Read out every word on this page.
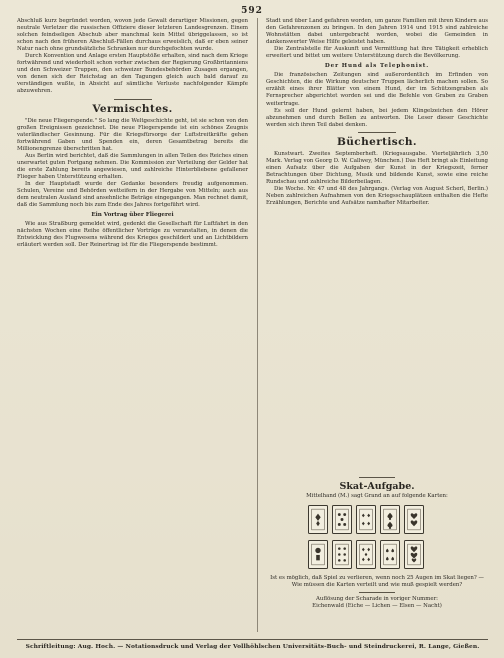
592

Abschluß kurz begründet worden, wovon jede Gewalt derartiger Missionen, gegen neutrale Verletzer die russischen Offiziere dieser letzteren Landesgrenzen. Einem solchen feindseligen Abschub aber manchmal kein Mittel übriggelassen, so ist schon nach den früheren Abschluß-Fällen durchaus erweislich, daß er eben seiner Natur nach ohne grundsätzliche Schranken nur durchgefochten wurde.

Durch Konvention und Anlage ersten Hauptstöße erhalten, sind nach dem Kriege fortwährend und wiederholt schon vorher zwischen der Regierung Großbritanniens und den Schweizer Truppen, den schweizer Bundesbehörden Zusagen ergangen, von denen sich der Reichstag an den Tagungen gleich auch bald darauf zu verständigen wußte, in Absicht auf sämtliche Verluste nachfolgender Kämpfe abzuwehren.

Vermischtes.

"Die neue Fliegerspende." So lang die Weltgeschichte geht, ist sie schon von den großen Ereignissen gezeichnet. Die neue Fliegerspende ist ein schönes Zeugnis vaterländischer Gesinnung. Für die Kriegsfürsorge der Luftstreitkräfte gehen fortwährend Gaben und Spenden ein, deren Gesamtbetrag bereits die Millionengrenze überschritten hat.

Aus Berlin wird berichtet, daß die Sammlungen in allen Teilen des Reiches einen unerwartet guten Fortgang nehmen. Die Kommission zur Verteilung der Gelder hat die erste Zahlung bereits angewiesen, und zahlreiche Hinterbliebene gefallener Flieger haben Unterstützung erhalten.

In der Hauptstadt wurde der Gedanke besonders freudig aufgenommen. Schulen, Vereine und Behörden wetteifern in der Hergabe von Mitteln; auch aus dem neutralen Ausland sind ansehnliche Beträge eingegangen. Man rechnet damit, daß die Sammlung noch bis zum Ende des Jahres fortgeführt wird.

Ein Vortrag über Fliegerei

Wie aus Straßburg gemeldet wird, gedenkt die Gesellschaft für Luftfahrt in den nächsten Wochen eine Reihe öffentlicher Vorträge zu veranstalten, in denen die Entwicklung des Flugwesens während des Krieges geschildert und an Lichtbildern erläutert werden soll. Der Reinertrag ist für die Fliegerspende bestimmt.

Stadt und über Land gefahren worden, um ganze Familien mit ihren Kindern aus den Gefahrenzonen zu bringen. In den Jahren 1914 und 1915 sind zahlreiche Wohnstätten dabei untergebracht worden, wobei die Gemeinden in dankenswerter Weise Hilfe geleistet haben.

Die Zentralstelle für Auskunft und Vermittlung hat ihre Tätigkeit erheblich erweitert und bittet um weitere Unterstützung durch die Bevölkerung.

Der Hund als Telephonist.

Die französischen Zeitungen sind außerordentlich im Erfinden von Geschichten, die die Wirkung deutscher Truppen lächerlich machen sollen. So erzählt eines ihrer Blätter von einem Hund, der im Schützengraben als Fernsprecher abgerichtet worden sei und die Befehle von Graben zu Graben weitertrage.

Es soll der Hund gelernt haben, bei jedem Klingelzeichen den Hörer abzunehmen und durch Bellen zu antworten. Die Leser dieser Geschichte werden sich ihren Teil dabei denken.

Büchertisch.

Kunstwart. Zweites Septemberheft. (Kriegsausgabe. Vierteljährlich 3,50 Mark. Verlag von Georg D. W. Callwey, München.) Das Heft bringt als Einleitung einen Aufsatz über die Aufgaben der Kunst in der Kriegszeit, ferner Betrachtungen über Dichtung, Musik und bildende Kunst, sowie eine reiche Rundschau und zahlreiche Bilderbeilagen.

Die Woche. Nr. 47 und 48 des Jahrgangs. (Verlag von August Scherl, Berlin.) Neben zahlreichen Aufnahmen von den Kriegsschauplätzen enthalten die Hefte Erzählungen, Berichte und Aufsätze namhafter Mitarbeiter.

Skat-Aufgabe.
Mittelhand (M.) sagt Grand an auf folgende Karten:
Ist es möglich, daß Spiel zu verlieren, wenn noch 25 Augen im Skat liegen? — Wie müssen die Karten verteilt und wie muß gespielt werden?
Auflösung der Scharade in voriger Nummer:
Eichenwald (Eiche — Lichen — Elsen — Nacht)
Schriftleitung: Aug. Hoch. — Notationsdruck und Verlag der Vollhöhlschen Universitäts-Buch- und Steindruckerei, R. Lange, Gießen.
